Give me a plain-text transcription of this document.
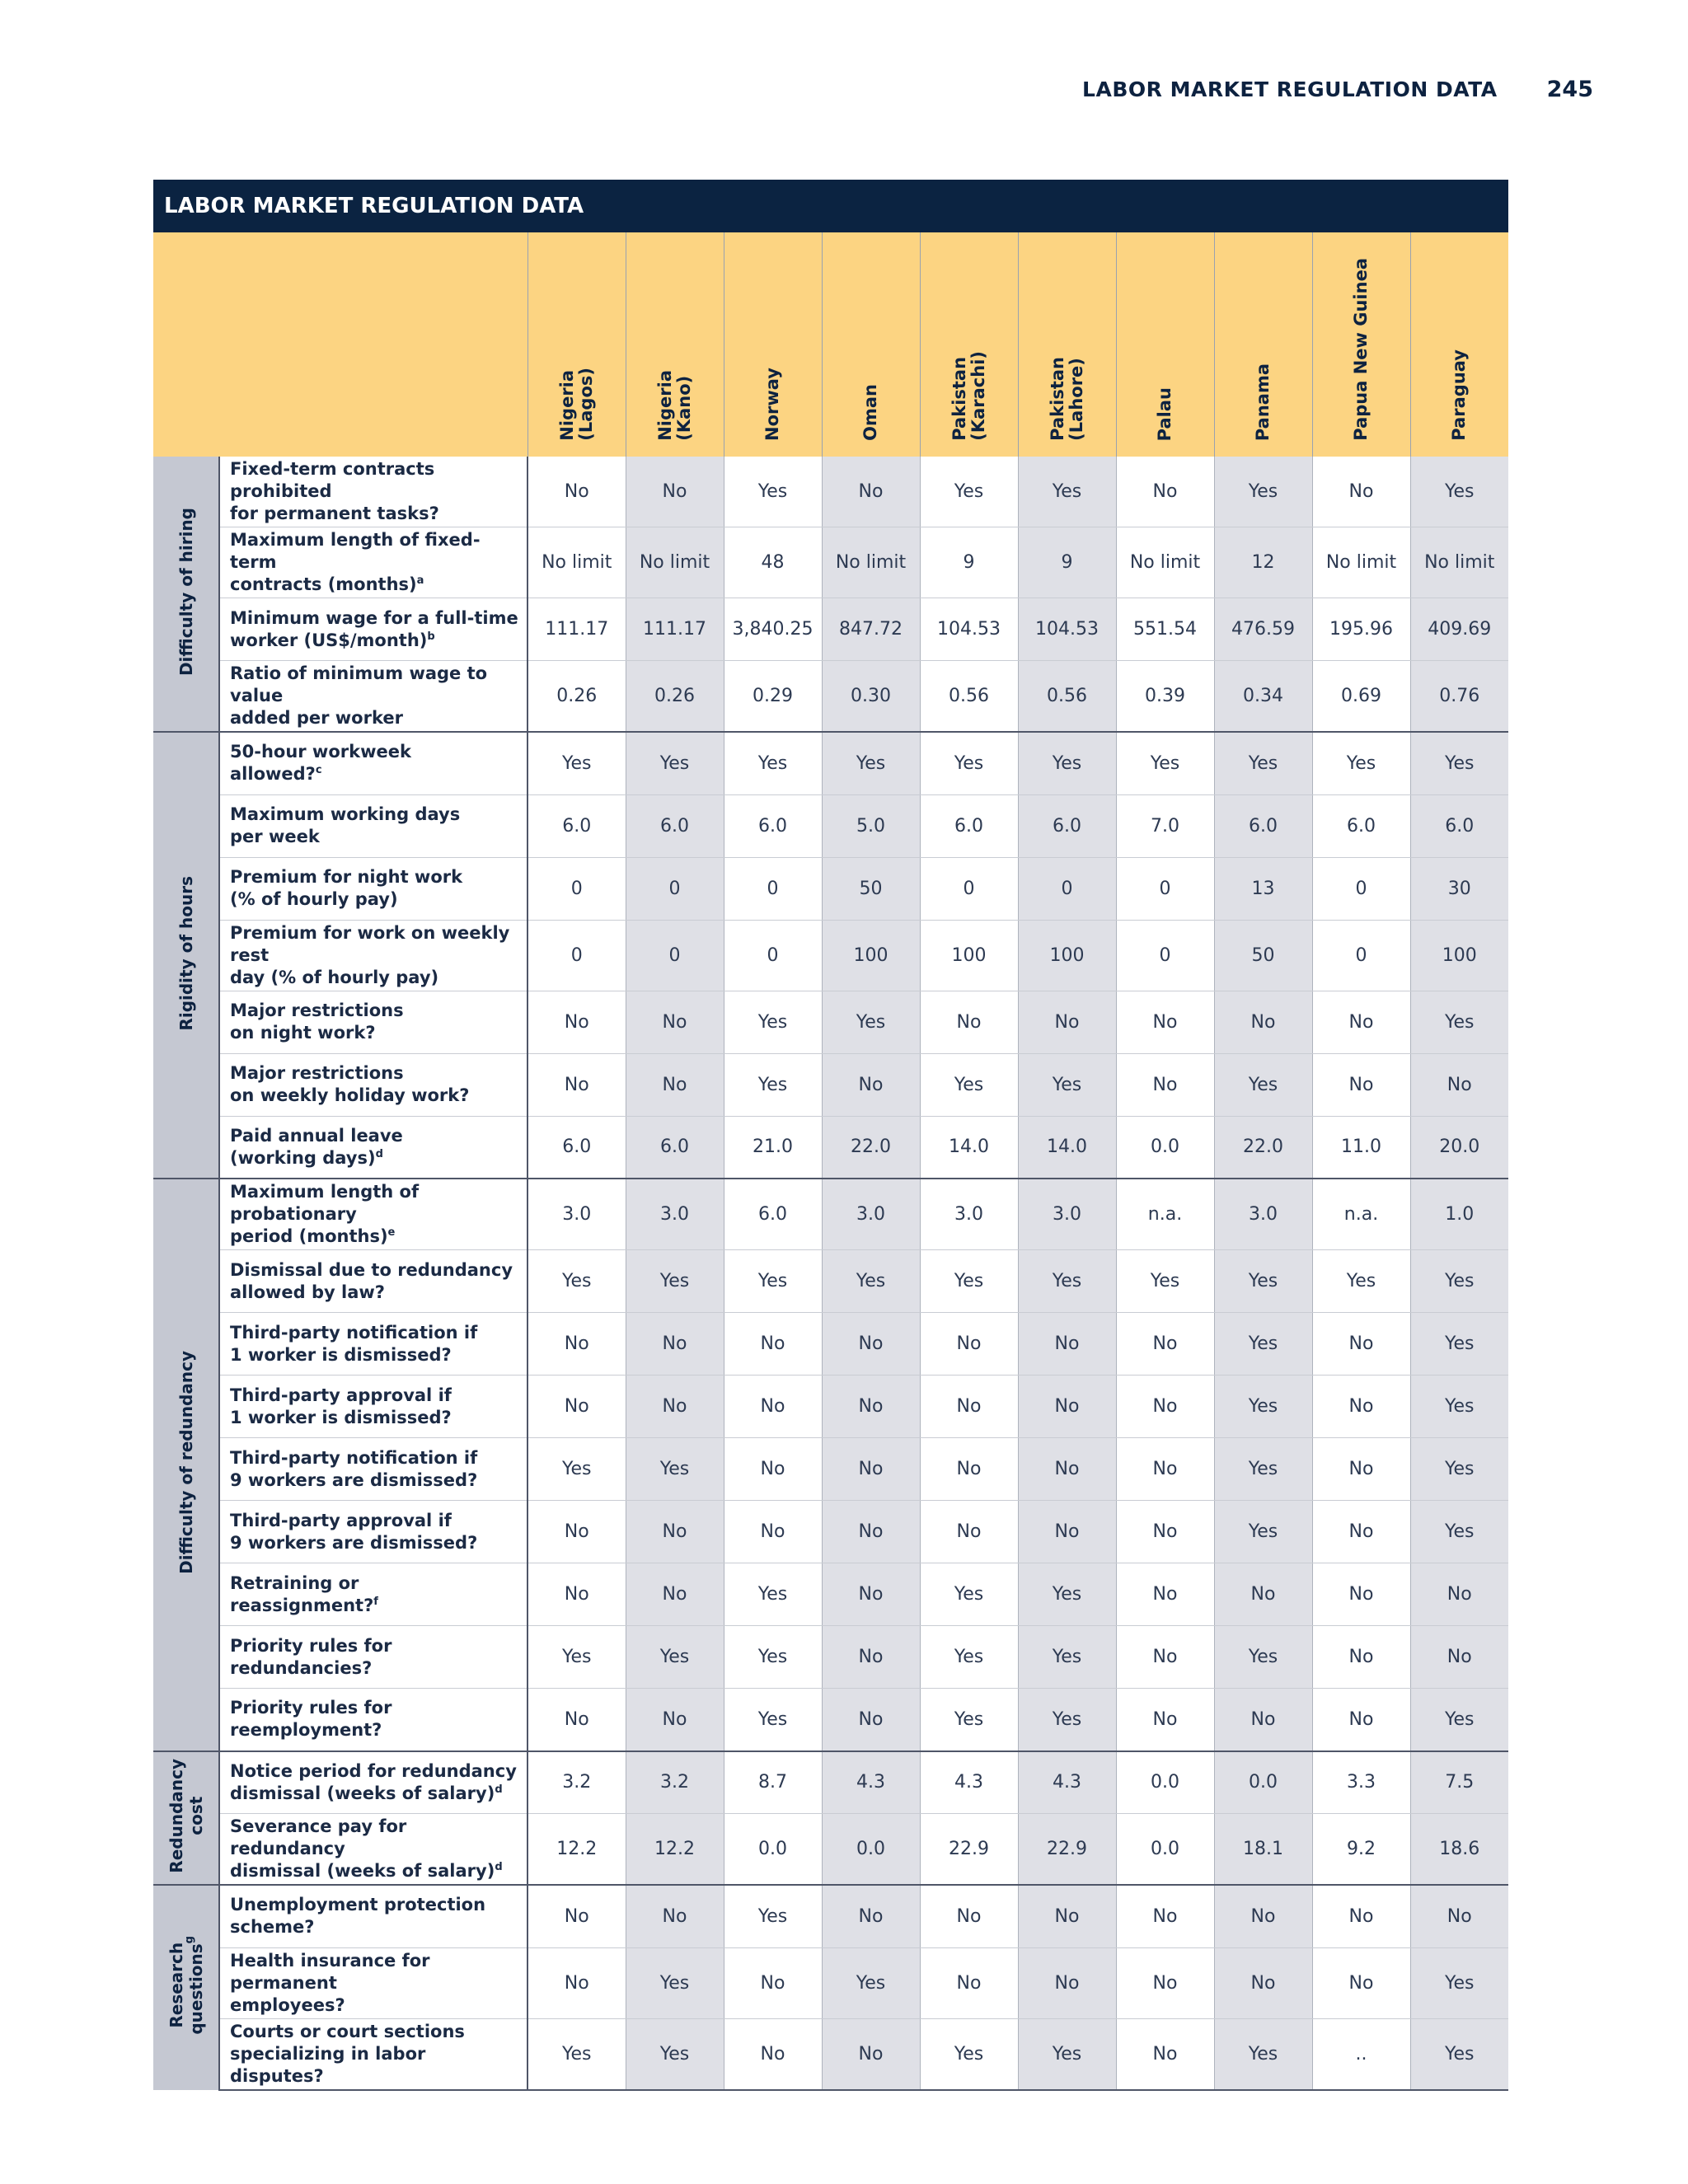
LABOR MARKET REGULATION DATA 245
LABOR MARKET REGULATION DATA
		Nigeria
(Lagos)	Nigeria
(Kano)	Norway	Oman	Pakistan
(Karachi)	Pakistan
(Lahore)	Palau	Panama	Papua New Guinea	Paraguay
Difficulty of hiring	Fixed-term contracts prohibited
for permanent tasks?	No	No	Yes	No	Yes	Yes	No	Yes	No	Yes
	Maximum length of fixed-term
contracts (months)$^a$	No limit	No limit	48	No limit	9	9	No limit	12	No limit	No limit
	Minimum wage for a full-time
worker (US$/month)$^b$	111.17	111.17	3,840.25	847.72	104.53	104.53	551.54	476.59	195.96	409.69
	Ratio of minimum wage to value
added per worker	0.26	0.26	0.29	0.30	0.56	0.56	0.39	0.34	0.69	0.76
Rigidity of hours	50-hour workweek
allowed?$^c$	Yes	Yes	Yes	Yes	Yes	Yes	Yes	Yes	Yes	Yes
	Maximum working days
per week	6.0	6.0	6.0	5.0	6.0	6.0	7.0	6.0	6.0	6.0
	Premium for night work
(% of hourly pay)	0	0	0	50	0	0	0	13	0	30
	Premium for work on weekly rest
day (% of hourly pay)	0	0	0	100	100	100	0	50	0	100
	Major restrictions
on night work?	No	No	Yes	Yes	No	No	No	No	No	Yes
	Major restrictions
on weekly holiday work?	No	No	Yes	No	Yes	Yes	No	Yes	No	No
	Paid annual leave
(working days)$^d$	6.0	6.0	21.0	22.0	14.0	14.0	0.0	22.0	11.0	20.0
Difficulty of redundancy	Maximum length of probationary
period (months)$^e$	3.0	3.0	6.0	3.0	3.0	3.0	n.a.	3.0	n.a.	1.0
	Dismissal due to redundancy
allowed by law?	Yes	Yes	Yes	Yes	Yes	Yes	Yes	Yes	Yes	Yes
	Third-party notification if
1 worker is dismissed?	No	No	No	No	No	No	No	Yes	No	Yes
	Third-party approval if
1 worker is dismissed?	No	No	No	No	No	No	No	Yes	No	Yes
	Third-party notification if
9 workers are dismissed?	Yes	Yes	No	No	No	No	No	Yes	No	Yes
	Third-party approval if
9 workers are dismissed?	No	No	No	No	No	No	No	Yes	No	Yes
	Retraining or
reassignment?$^f$	No	No	Yes	No	Yes	Yes	No	No	No	No
	Priority rules for
redundancies?	Yes	Yes	Yes	No	Yes	Yes	No	Yes	No	No
	Priority rules for
reemployment?	No	No	Yes	No	Yes	Yes	No	No	No	Yes
Redundancy
cost	Notice period for redundancy
dismissal (weeks of salary)$^d$	3.2	3.2	8.7	4.3	4.3	4.3	0.0	0.0	3.3	7.5
	Severance pay for redundancy
dismissal (weeks of salary)$^d$	12.2	12.2	0.0	0.0	22.9	22.9	0.0	18.1	9.2	18.6
Research
questions$^g$	Unemployment protection
scheme?	No	No	Yes	No	No	No	No	No	No	No
	Health insurance for permanent
employees?	No	Yes	No	Yes	No	No	No	No	No	Yes
	Courts or court sections
specializing in labor disputes?	Yes	Yes	No	No	Yes	Yes	No	Yes	..	Yes
